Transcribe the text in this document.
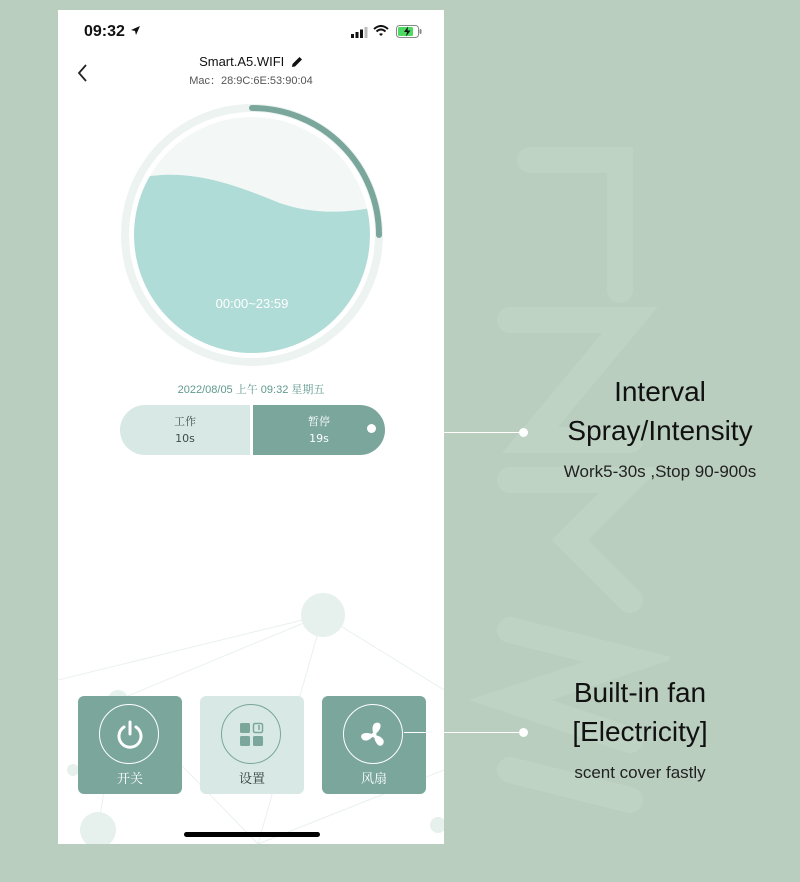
09:32
Smart.A5.WIFI
Mac：28:9C:6E:53:90:04
00:00~23:59
2022/08/05 上午 09:32 星期五
工作
10s
暂停
19s
开关	设置	风扇
Interval
Spray/Intensity
Work5-30s ,Stop 90-900s
Built-in fan
[Electricity]
scent cover fastly
